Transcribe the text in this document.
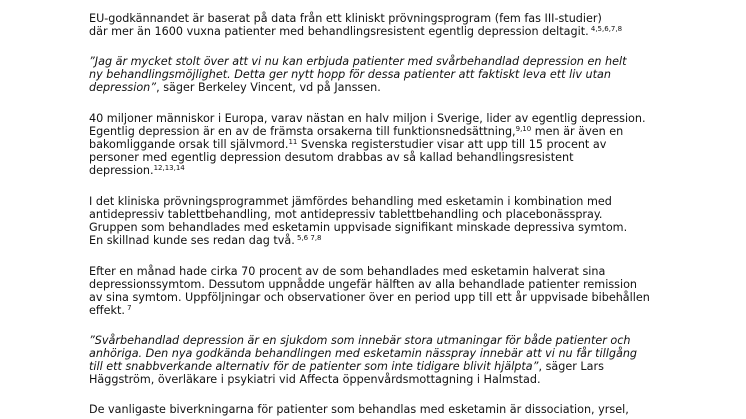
EU-godkännandet är baserat på data från ett kliniskt prövningsprogram (fem fas III-studier)
där mer än 1600 vuxna patienter med behandlingsresistent egentlig depression deltagit. $^{4,5,6,7,8}$

”Jag är mycket stolt över att vi nu kan erbjuda patienter med svårbehandlad depression en helt
ny behandlingsmöjlighet. Detta ger nytt hopp för dessa patienter att faktiskt leva ett liv utan
depression”, säger Berkeley Vincent, vd på Janssen.

40 miljoner människor i Europa, varav nästan en halv miljon i Sverige, lider av egentlig depression.
Egentlig depression är en av de främsta orsakerna till funktionsnedsättning,$^{9,10}$ men är även en
bakomliggande orsak till självmord.$^{11}$ Svenska registerstudier visar att upp till 15 procent av
personer med egentlig depression desutom drabbas av så kallad behandlingsresistent
depression.$^{12,13,14}$

I det kliniska prövningsprogrammet jämfördes behandling med esketamin i kombination med
antidepressiv tablettbehandling, mot antidepressiv tablettbehandling och placebonässpray.
Gruppen som behandlades med esketamin uppvisade signifikant minskade depressiva symtom.
En skillnad kunde ses redan dag två. $^{5,6 7,8}$

Efter en månad hade cirka 70 procent av de som behandlades med esketamin halverat sina
depressionssymtom. Dessutom uppnådde ungefär hälften av alla behandlade patienter remission
av sina symtom. Uppföljningar och observationer över en period upp till ett år uppvisade bibehållen
effekt. $^7$

”Svårbehandlad depression är en sjukdom som innebär stora utmaningar för både patienter och
anhöriga. Den nya godkända behandlingen med esketamin nässpray innebär att vi nu får tillgång
till ett snabbverkande alternativ för de patienter som inte tidigare blivit hjälpta”, säger Lars
Häggström, överläkare i psykiatri vid Affecta öppenvårdsmottagning i Halmstad.

De vanligaste biverkningarna för patienter som behandlas med esketamin är dissociation, yrsel,
